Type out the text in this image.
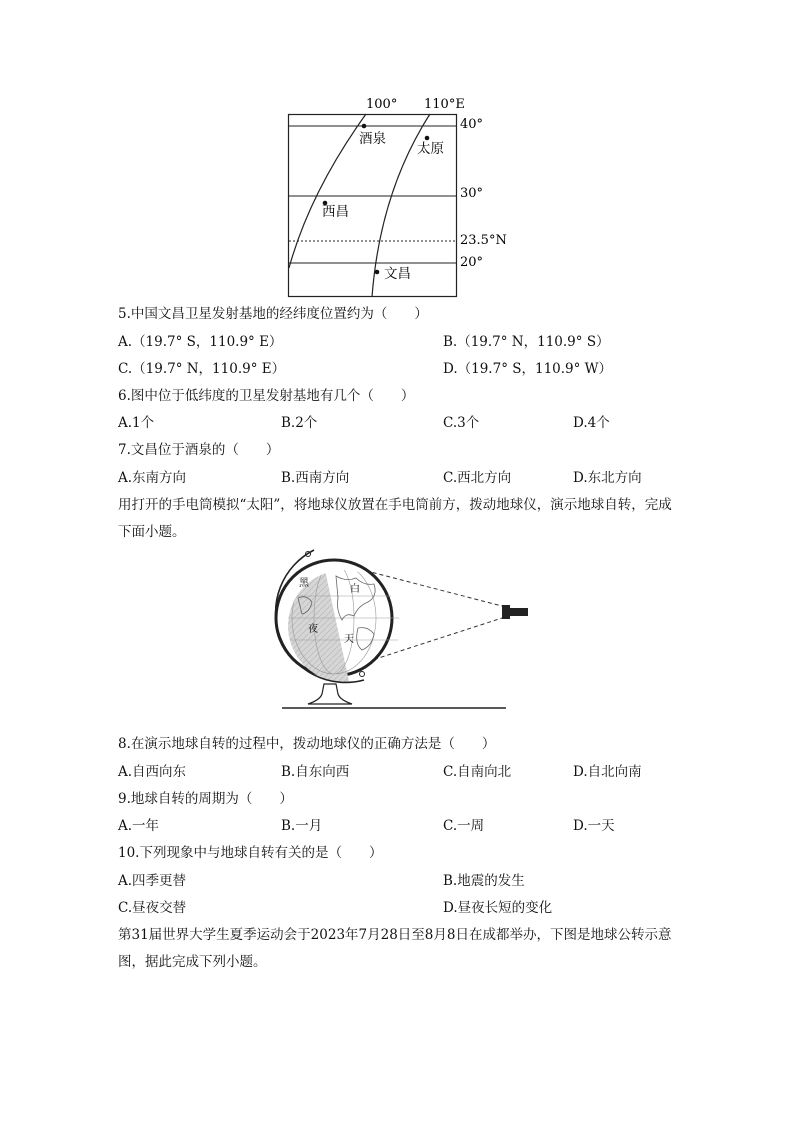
100° 110°E
40°
30°
23.5°N
20°
酒泉
太原
西昌
文昌
5.中国文昌卫星发射基地的经纬度位置约为（　　）
A.（19.7° S，110.9° E）	B.（19.7° N，110.9° S）
C.（19.7° N，110.9° E）	D.（19.7° S，110.9° W）
6.图中位于低纬度的卫星发射基地有几个（　　）
A.1个	B.2个	C.3个	D.4个
7.文昌位于酒泉的（　　）
A.东南方向	B.西南方向	C.西北方向	D.东北方向
用打开的手电筒模拟“太阳”，将地球仪放置在手电筒前方，拨动地球仪，演示地球自转，完成下面小题。
黑
夜
白
天
8.在演示地球自转的过程中，拨动地球仪的正确方法是（　　）
A.自西向东	B.自东向西	C.自南向北	D.自北向南
9.地球自转的周期为（　　）
A.一年	B.一月	C.一周	D.一天
10.下列现象中与地球自转有关的是（　　）
A.四季更替	B.地震的发生
C.昼夜交替	D.昼夜长短的变化
第31届世界大学生夏季运动会于2023年7月28日至8月8日在成都举办，下图是地球公转示意图，据此完成下列小题。
